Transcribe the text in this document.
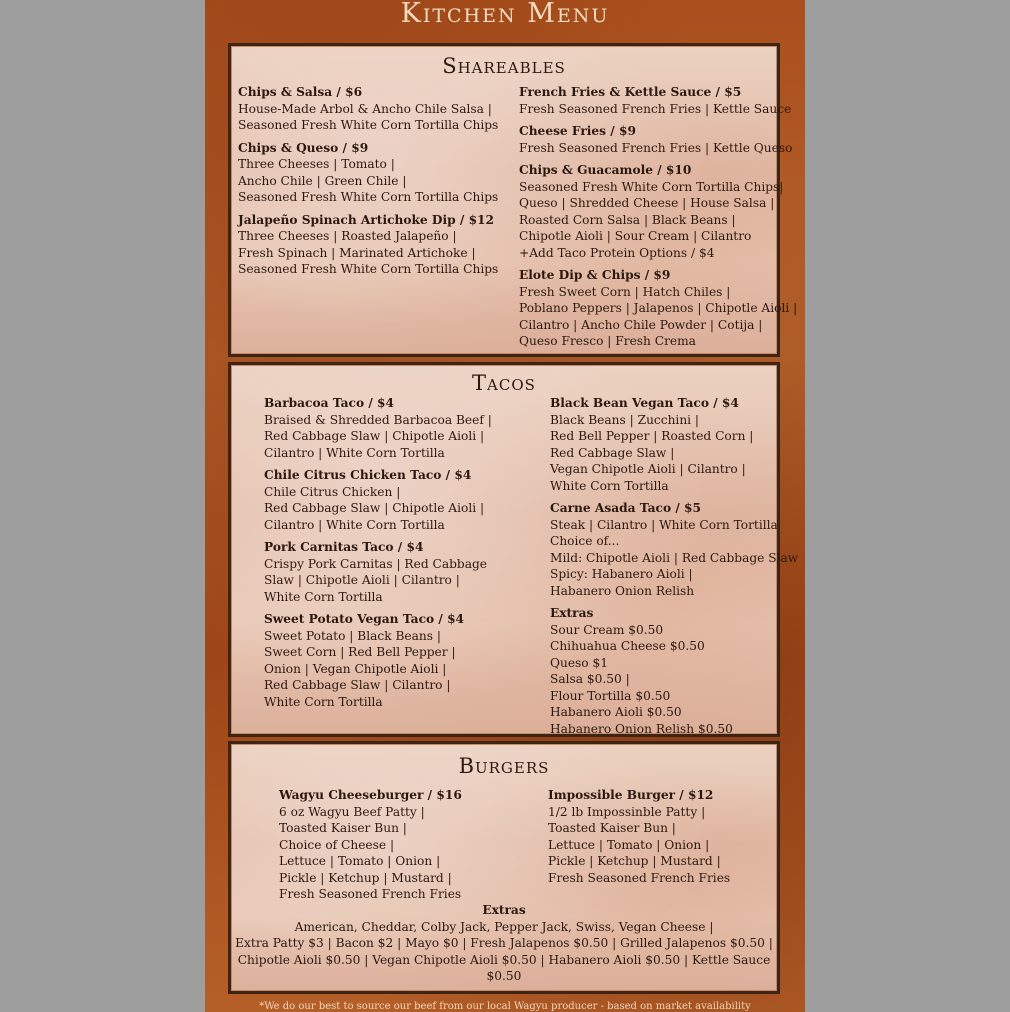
Kitchen Menu
Shareables
Chips & Salsa / $6
House-Made Arbol & Ancho Chile Salsa |
Seasoned Fresh White Corn Tortilla Chips
Chips & Queso / $9
Three Cheeses | Tomato |
Ancho Chile | Green Chile |
Seasoned Fresh White Corn Tortilla Chips
Jalapeño Spinach Artichoke Dip / $12
Three Cheeses | Roasted Jalapeño |
Fresh Spinach | Marinated Artichoke |
Seasoned Fresh White Corn Tortilla Chips
French Fries & Kettle Sauce / $5
Fresh Seasoned French Fries | Kettle Sauce
Cheese Fries / $9
Fresh Seasoned French Fries | Kettle Queso
Chips & Guacamole / $10
Seasoned Fresh White Corn Tortilla Chips|
Queso | Shredded Cheese | House Salsa |
Roasted Corn Salsa | Black Beans |
Chipotle Aioli | Sour Cream | Cilantro
+Add Taco Protein Options / $4
Elote Dip & Chips / $9
Fresh Sweet Corn | Hatch Chiles |
Poblano Peppers | Jalapenos | Chipotle Aioli |
Cilantro | Ancho Chile Powder | Cotija |
Queso Fresco | Fresh Crema
Tacos
Barbacoa Taco / $4
Braised & Shredded Barbacoa Beef |
Red Cabbage Slaw | Chipotle Aioli |
Cilantro | White Corn Tortilla
Chile Citrus Chicken Taco / $4
Chile Citrus Chicken |
Red Cabbage Slaw | Chipotle Aioli |
Cilantro | White Corn Tortilla
Pork Carnitas Taco / $4
Crispy Pork Carnitas | Red Cabbage
Slaw | Chipotle Aioli | Cilantro |
White Corn Tortilla
Sweet Potato Vegan Taco / $4
Sweet Potato | Black Beans |
Sweet Corn | Red Bell Pepper |
Onion | Vegan Chipotle Aioli |
Red Cabbage Slaw | Cilantro |
White Corn Tortilla
Black Bean Vegan Taco / $4
Black Beans | Zucchini |
Red Bell Pepper | Roasted Corn |
Red Cabbage Slaw |
Vegan Chipotle Aioli | Cilantro |
White Corn Tortilla
Carne Asada Taco / $5
Steak | Cilantro | White Corn Tortilla
Choice of...
Mild: Chipotle Aioli | Red Cabbage Slaw
Spicy: Habanero Aioli |
Habanero Onion Relish
Extras
Sour Cream $0.50
Chihuahua Cheese $0.50
Queso $1
Salsa $0.50 |
Flour Tortilla $0.50
Habanero Aioli $0.50
Habanero Onion Relish $0.50
Burgers
Wagyu Cheeseburger / $16
6 oz Wagyu Beef Patty |
Toasted Kaiser Bun |
Choice of Cheese |
Lettuce | Tomato | Onion |
Pickle | Ketchup | Mustard |
Fresh Seasoned French Fries
Impossible Burger / $12
1/2 lb Impossinble Patty |
Toasted Kaiser Bun |
Lettuce | Tomato | Onion |
Pickle | Ketchup | Mustard |
Fresh Seasoned French Fries
Extras
American, Cheddar, Colby Jack, Pepper Jack, Swiss, Vegan Cheese |
Extra Patty $3 | Bacon $2 | Mayo $0 | Fresh Jalapenos $0.50 | Grilled Jalapenos $0.50 |
Chipotle Aioli $0.50 | Vegan Chipotle Aioli $0.50 | Habanero Aioli $0.50 | Kettle Sauce $0.50
*We do our best to source our beef from our local Wagyu producer - based on market availability
